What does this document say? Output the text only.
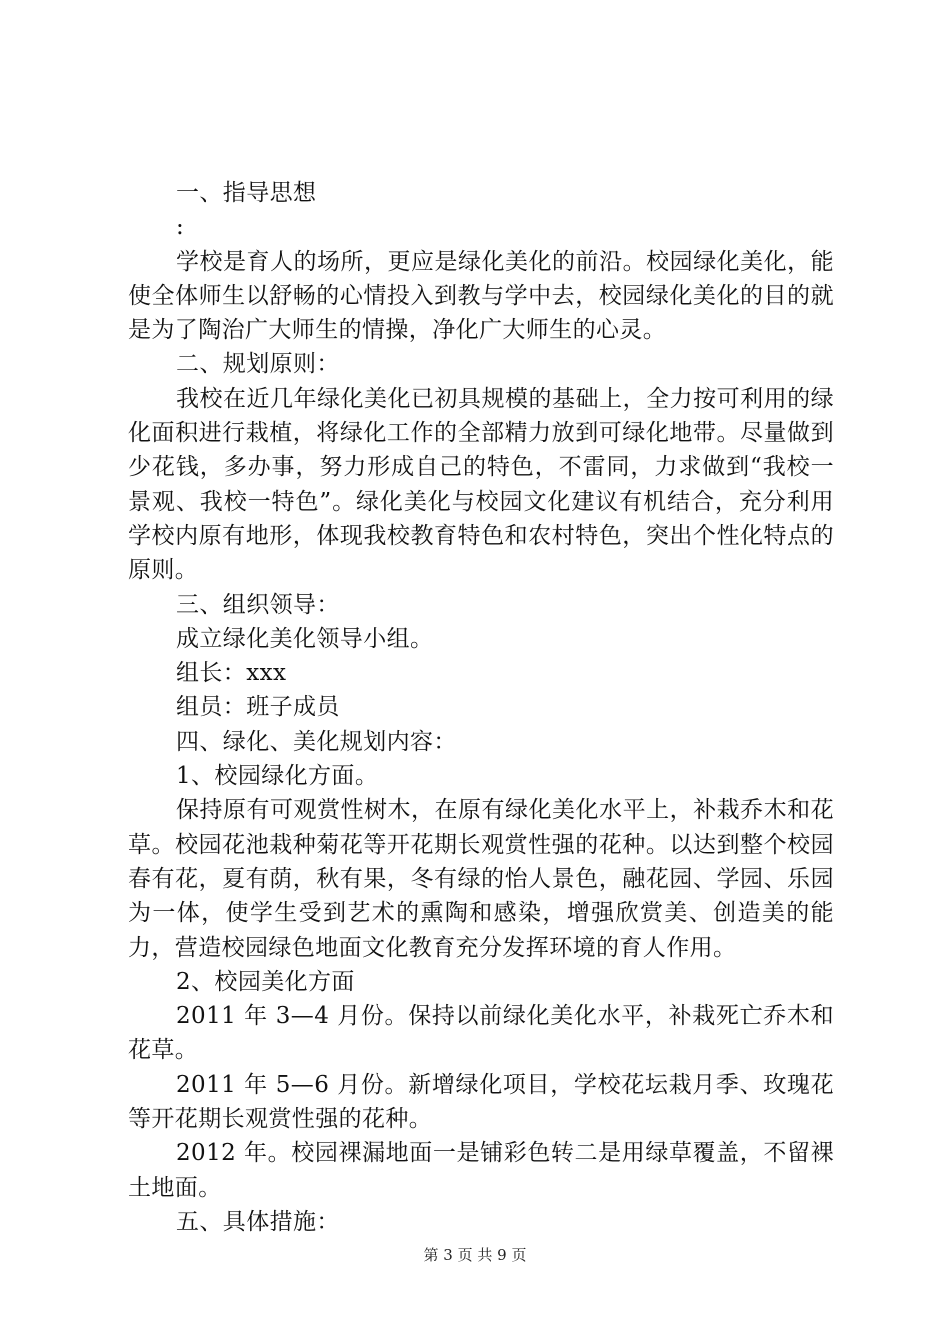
一、指导思想

:

学校是育人的场所，更应是绿化美化的前沿。校园绿化美化，能使全体师生以舒畅的心情投入到教与学中去，校园绿化美化的目的就是为了陶治广大师生的情操，净化广大师生的心灵。

二、规划原则：

我校在近几年绿化美化已初具规模的基础上，全力按可利用的绿化面积进行栽植，将绿化工作的全部精力放到可绿化地带。尽量做到少花钱，多办事，努力形成自己的特色，不雷同，力求做到“我校一景观、我校一特色”。绿化美化与校园文化建议有机结合，充分利用学校内原有地形，体现我校教育特色和农村特色，突出个性化特点的原则。

三、组织领导：

成立绿化美化领导小组。

组长：xxx

组员：班子成员

四、绿化、美化规划内容：

1、校园绿化方面。

保持原有可观赏性树木，在原有绿化美化水平上，补栽乔木和花草。校园花池栽种菊花等开花期长观赏性强的花种。以达到整个校园春有花，夏有荫，秋有果，冬有绿的怡人景色，融花园、学园、乐园为一体，使学生受到艺术的熏陶和感染，增强欣赏美、创造美的能力，营造校园绿色地面文化教育充分发挥环境的育人作用。

2、校园美化方面

2011 年 3—4 月份。保持以前绿化美化水平，补栽死亡乔木和花草。

2011 年 5—6 月份。新增绿化项目，学校花坛栽月季、玫瑰花等开花期长观赏性强的花种。

2012 年。校园裸漏地面一是铺彩色转二是用绿草覆盖，不留裸土地面。

五、具体措施：

第 3 页 共 9 页
